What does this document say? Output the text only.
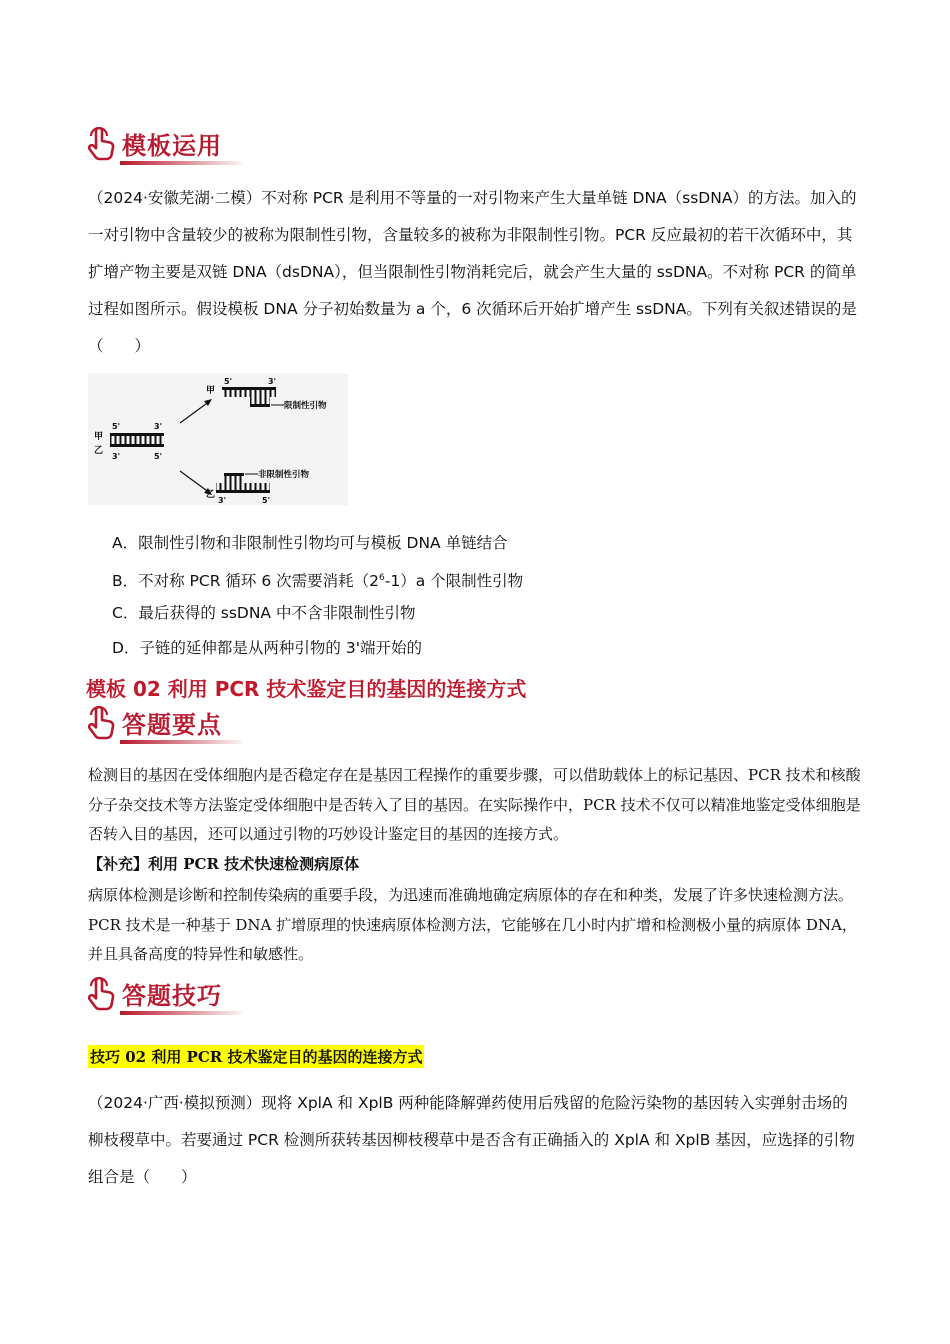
模板运用
（2024·安徽芜湖·二模）不对称 PCR 是利用不等量的一对引物来产生大量单链 DNA（ssDNA）的方法。加入的一对引物中含量较少的被称为限制性引物，含量较多的被称为非限制性引物。PCR 反应最初的若干次循环中，其扩增产物主要是双链 DNA（dsDNA），但当限制性引物消耗完后，就会产生大量的 ssDNA。不对称 PCR 的简单过程如图所示。假设模板 DNA 分子初始数量为 a 个，6 次循环后开始扩增产生 ssDNA。下列有关叙述错误的是（　　）
甲
乙
5'	3'
3'	5'
甲
5'	3'
限制性引物
非限制性引物
乙
3'	5'
A．限制性引物和非限制性引物均可与模板 DNA 单链结合
B．不对称 PCR 循环 6 次需要消耗$(2^6-1)a$ 个限制性引物
C．最后获得的 ssDNA 中不含非限制性引物
D．子链的延伸都是从两种引物的 3'端开始的
模板 02 利用 PCR 技术鉴定目的基因的连接方式
答题要点
检测目的基因在受体细胞内是否稳定存在是基因工程操作的重要步骤，可以借助载体上的标记基因、PCR 技术和核酸分子杂交技术等方法鉴定受体细胞中是否转入了目的基因。在实际操作中，PCR 技术不仅可以精准地鉴定受体细胞是否转入目的基因，还可以通过引物的巧妙设计鉴定目的基因的连接方式。
【补充】利用 PCR 技术快速检测病原体
病原体检测是诊断和控制传染病的重要手段，为迅速而准确地确定病原体的存在和种类，发展了许多快速检测方法。PCR 技术是一种基于 DNA 扩增原理的快速病原体检测方法，它能够在几小时内扩增和检测极小量的病原体 DNA，并且具备高度的特异性和敏感性。
答题技巧
技巧 02 利用 PCR 技术鉴定目的基因的连接方式
（2024·广西·模拟预测）现将 XplA 和 XplB 两种能降解弹药使用后残留的危险污染物的基因转入实弹射击场的柳枝稷草中。若要通过 PCR 检测所获转基因柳枝稷草中是否含有正确插入的 XplA 和 XplB 基因，应选择的引物组合是（　　）
